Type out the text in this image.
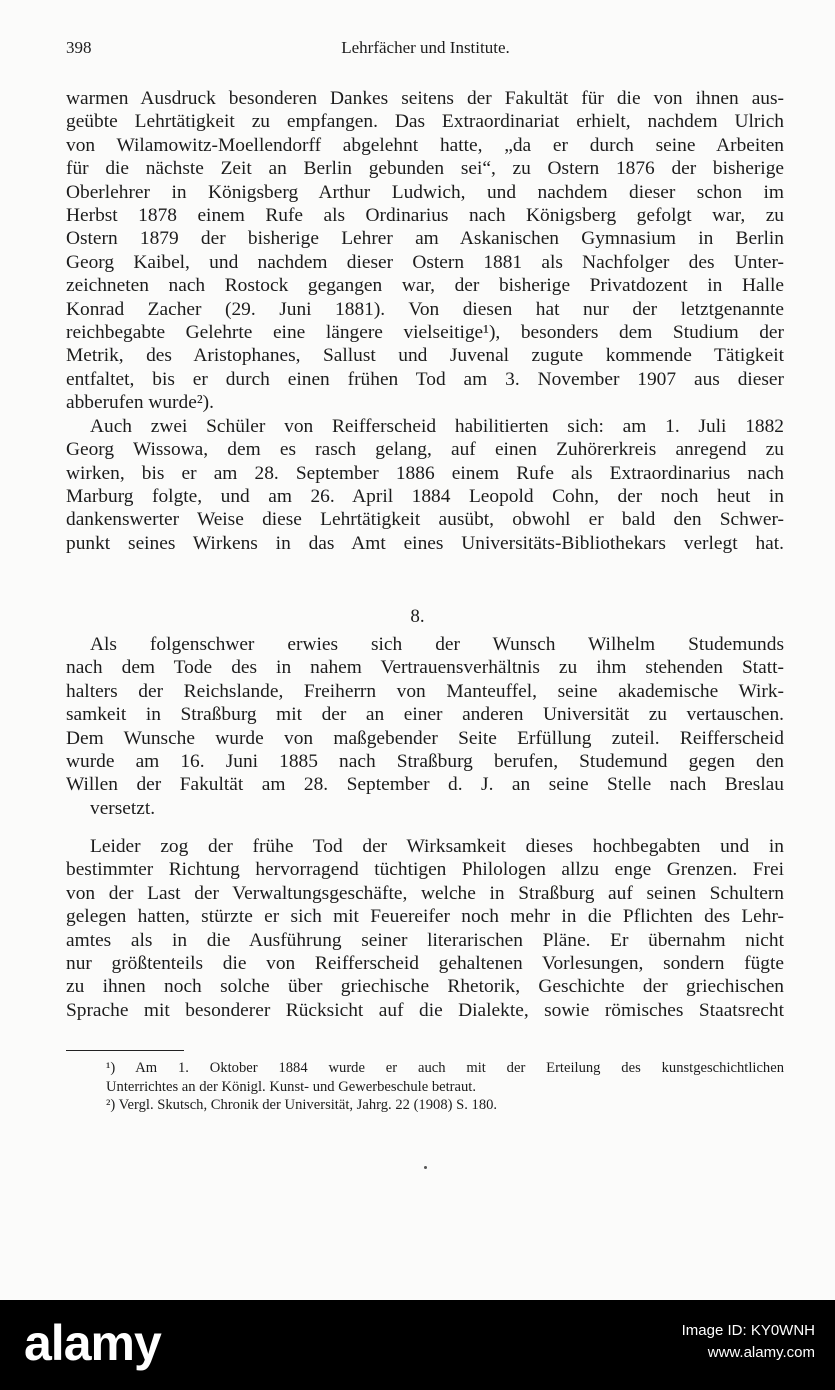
398	Lehrfächer und Institute.

warmen Ausdruck besonderen Dankes seitens der Fakultät für die von ihnen aus-
geübte Lehrtätigkeit zu empfangen. Das Extraordinariat erhielt, nachdem Ulrich
von Wilamowitz-Moellendorff abgelehnt hatte, „da er durch seine Arbeiten
für die nächste Zeit an Berlin gebunden sei“, zu Ostern 1876 der bisherige
Oberlehrer in Königsberg Arthur Ludwich, und nachdem dieser schon im
Herbst 1878 einem Rufe als Ordinarius nach Königsberg gefolgt war, zu
Ostern 1879 der bisherige Lehrer am Askanischen Gymnasium in Berlin
Georg Kaibel, und nachdem dieser Ostern 1881 als Nachfolger des Unter-
zeichneten nach Rostock gegangen war, der bisherige Privatdozent in Halle
Konrad Zacher (29. Juni 1881). Von diesen hat nur der letztgenannte
reichbegabte Gelehrte eine längere vielseitige¹), besonders dem Studium der
Metrik, des Aristophanes, Sallust und Juvenal zugute kommende Tätigkeit
entfaltet, bis er durch einen frühen Tod am 3. November 1907 aus dieser
abberufen wurde²).

Auch zwei Schüler von Reifferscheid habilitierten sich: am 1. Juli 1882
Georg Wissowa, dem es rasch gelang, auf einen Zuhörerkreis anregend zu
wirken, bis er am 28. September 1886 einem Rufe als Extraordinarius nach
Marburg folgte, und am 26. April 1884 Leopold Cohn, der noch heut in
dankenswerter Weise diese Lehrtätigkeit ausübt, obwohl er bald den Schwer-
punkt seines Wirkens in das Amt eines Universitäts-Bibliothekars verlegt hat.

8.

Als folgenschwer erwies sich der Wunsch Wilhelm Studemunds
nach dem Tode des in nahem Vertrauensverhältnis zu ihm stehenden Statt-
halters der Reichslande, Freiherrn von Manteuffel, seine akademische Wirk-
samkeit in Straßburg mit der an einer anderen Universität zu vertauschen.
Dem Wunsche wurde von maßgebender Seite Erfüllung zuteil. Reifferscheid
wurde am 16. Juni 1885 nach Straßburg berufen, Studemund gegen den
Willen der Fakultät am 28. September d. J. an seine Stelle nach Breslau
versetzt.

Leider zog der frühe Tod der Wirksamkeit dieses hochbegabten und in
bestimmter Richtung hervorragend tüchtigen Philologen allzu enge Grenzen. Frei
von der Last der Verwaltungsgeschäfte, welche in Straßburg auf seinen Schultern
gelegen hatten, stürzte er sich mit Feuereifer noch mehr in die Pflichten des Lehr-
amtes als in die Ausführung seiner literarischen Pläne. Er übernahm nicht
nur größtenteils die von Reifferscheid gehaltenen Vorlesungen, sondern fügte
zu ihnen noch solche über griechische Rhetorik, Geschichte der griechischen
Sprache mit besonderer Rücksicht auf die Dialekte, sowie römisches Staatsrecht

¹) Am 1. Oktober 1884 wurde er auch mit der Erteilung des kunstgeschichtlichen
Unterrichtes an der Königl. Kunst- und Gewerbeschule betraut.

²) Vergl. Skutsch, Chronik der Universität, Jahrg. 22 (1908) S. 180.

alamy	Image ID: KY0WNH
www.alamy.com
